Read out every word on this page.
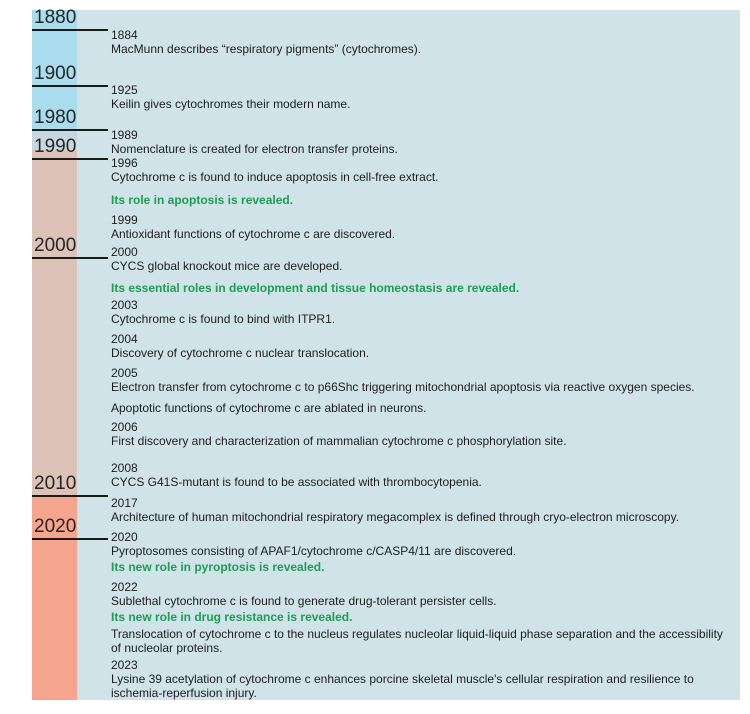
1880
1900
1980
1990
2000
2010
2020
1884
MacMunn describes “respiratory pigments” (cytochromes).
1925
Keilin gives cytochromes their modern name.
1989
Nomenclature is created for electron transfer proteins.
1996
Cytochrome c is found to induce apoptosis in cell-free extract.
Its role in apoptosis is revealed.
1999
Antioxidant functions of cytochrome c are discovered.
2000
CYCS global knockout mice are developed.
Its essential roles in development and tissue homeostasis are revealed.
2003
Cytochrome c is found to bind with ITPR1.
2004
Discovery of cytochrome c nuclear translocation.
2005
Electron transfer from cytochrome c to p66Shc triggering mitochondrial apoptosis via reactive oxygen species.
Apoptotic functions of cytochrome c are ablated in neurons.
2006
First discovery and characterization of mammalian cytochrome c phosphorylation site.
2008
CYCS G41S-mutant is found to be associated with thrombocytopenia.
2017
Architecture of human mitochondrial respiratory megacomplex is defined through cryo-electron microscopy.
2020
Pyroptosomes consisting of APAF1/cytochrome c/CASP4/11 are discovered.
Its new role in pyroptosis is revealed.
2022
Sublethal cytochrome c is found to generate drug-tolerant persister cells.
Its new role in drug resistance is revealed.
Translocation of cytochrome c to the nucleus regulates nucleolar liquid-liquid phase separation and the accessibility of nucleolar proteins.
2023
Lysine 39 acetylation of cytochrome c enhances porcine skeletal muscle's cellular respiration and resilience to ischemia-reperfusion injury.
